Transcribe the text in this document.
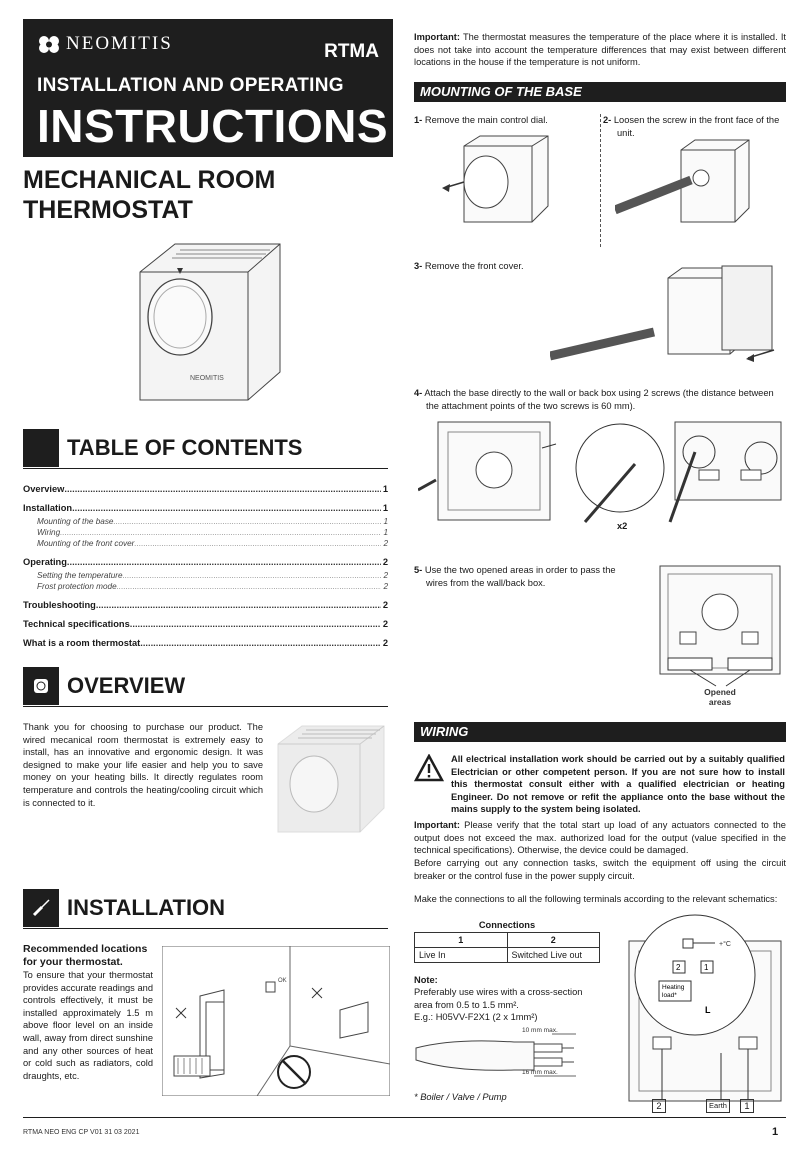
NEOMITIS	RTMA
INSTALLATION AND OPERATING
INSTRUCTIONS
MECHANICAL ROOM
THERMOSTAT
NEOMITIS
TABLE OF CONTENTS
Overview .....	1
Installation .....	1
Mounting of the base .....	1
Wiring .....	1
Mounting of the front cover .....	2
Operating .....	2
Setting the temperature .....	2
Frost protection mode .....	2
Troubleshooting .....	2
Technical specifications .....	2
What is a room thermostat .....	2
OVERVIEW
Thank you for choosing to purchase our product. The wired mecanical room thermostat is extremely easy to install, has an innovative and ergonomic design. It was designed to make your life easier and help you to save money on your heating bills. It directly regulates room temperature and controls the heating/cooling circuit which is connected to it.
INSTALLATION
Recommended locations for your thermostat.
To ensure that your thermostat provides accurate readings and controls effectively, it must be installed approximately 1.5 m above floor level on an inside wall, away from direct sunshine and any other sources of heat or cold such as radiators, cold draughts, etc.
OK
Important: The thermostat measures the temperature of the place where it is installed. It does not take into account the temperature differences that may exist between different locations in the house if the temperature is not uniform.
MOUNTING OF THE BASE
1- Remove the main control dial.	2- Loosen the screw in the front face of the unit.
3- Remove the front cover.
4- Attach the base directly to the wall or back box using 2 screws (the distance between the attachment points of the two screws is 60 mm).
x2
5- Use the two opened areas in order to pass the wires from the wall/back box.
Opened
areas
WIRING
All electrical installation work should be carried out by a suitably qualified Electrician or other competent person. If you are not sure how to install this thermostat consult either with a qualified electrician or heating Engineer. Do not remove or refit the appliance onto the base without the mains supply to the system being isolated.
Important: Please verify that the total start up load of any actuators connected to the output does not exceed the max. authorized load for the output (value specified in the technical specifications). Otherwise, the device could be damaged.
Before carrying out any connection tasks, switch the equipment off using the circuit breaker or the control fuse in the power supply circuit.
Make the connections to all the following terminals according to the relevant schematics:
Connections
1	2
Live In	Switched Live out
Note:
Preferably use wires with a cross-section area from 0.5 to 1.5 mm².
E.g.: H05VV-F2X1 (2 x 1mm²)
10 mm max.
16 mm max.
* Boiler / Valve / Pump
+°C
2	1
Heating
load*
L
2	Earth	1
RTMA NEO ENG CP V01 31 03 2021	1
